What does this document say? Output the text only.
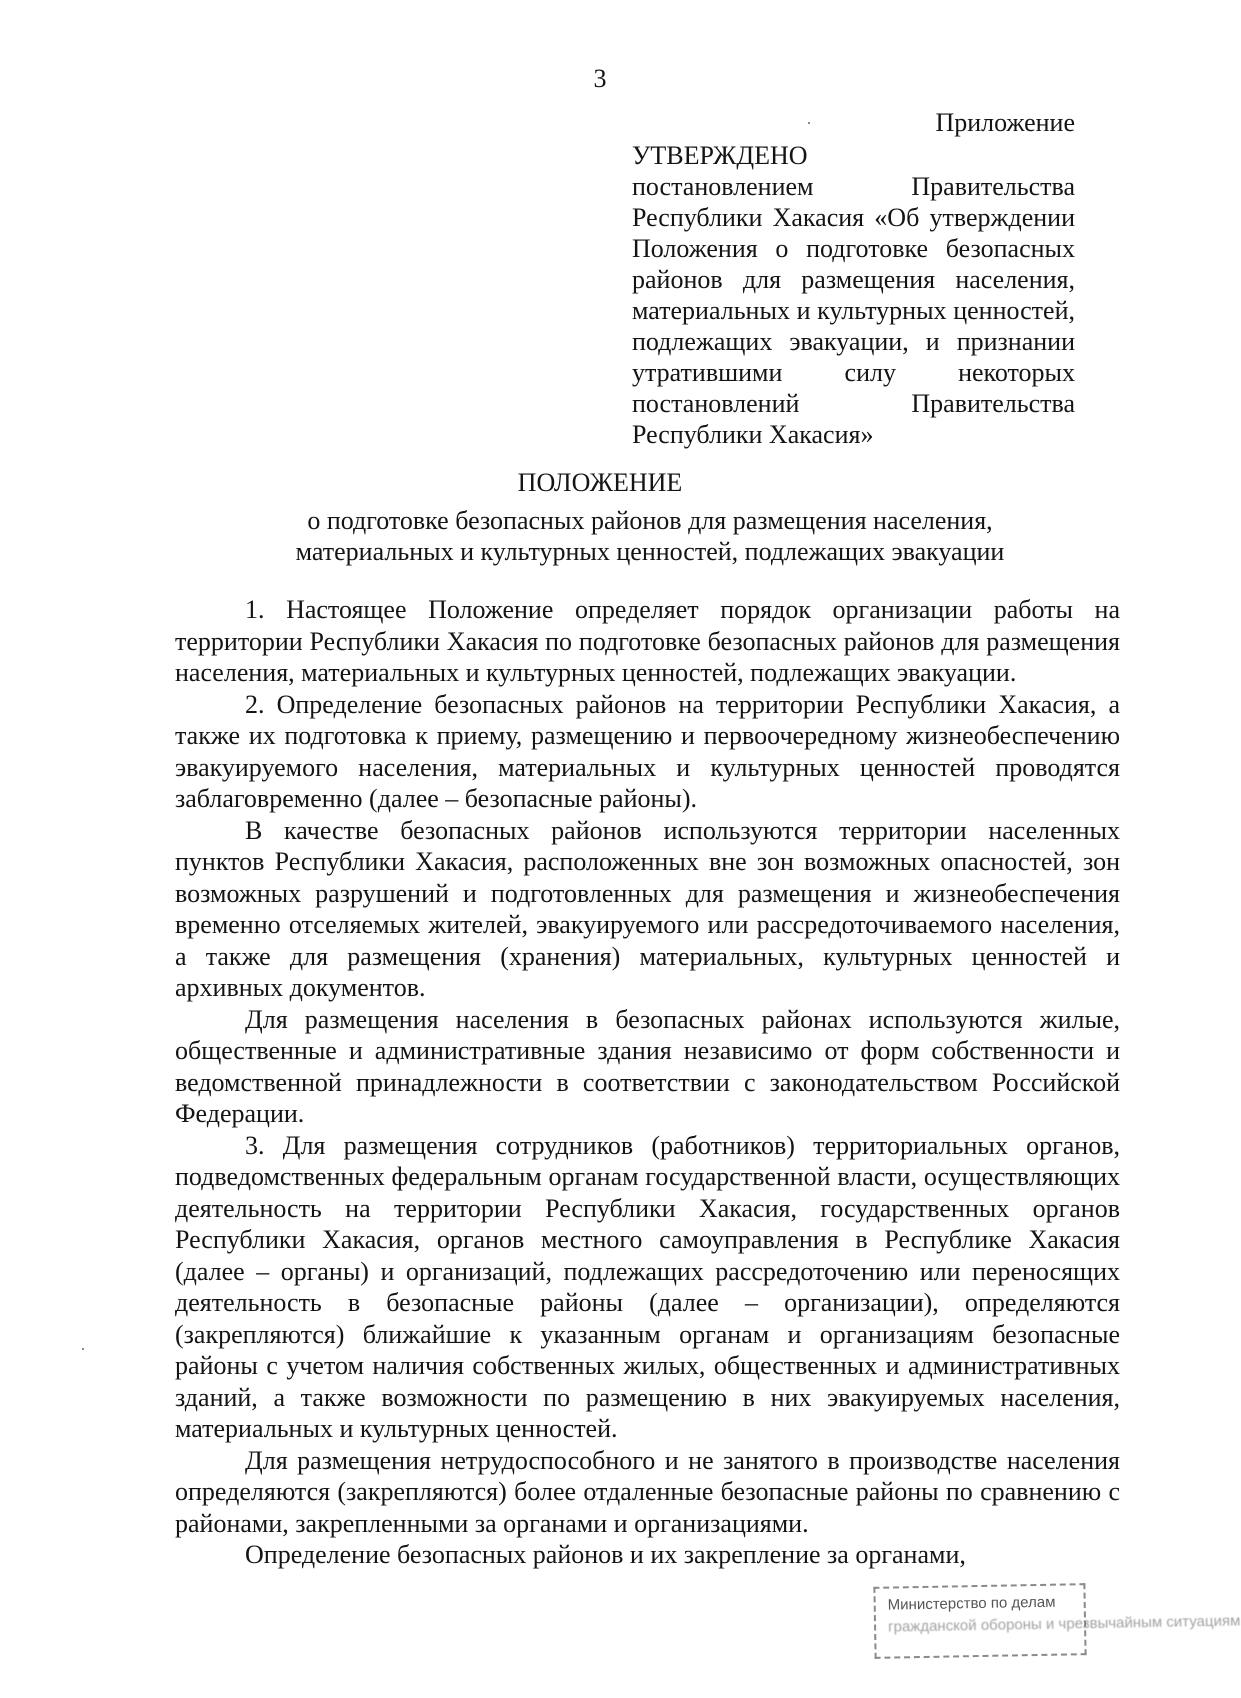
3
Приложение
УТВЕРЖДЕНО

постановлением Правительства Республики Хакасия «Об утверждении Положения о подготовке безопасных районов для размещения населения, материальных и культурных ценностей, подлежащих эвакуации, и признании утратившими силу некоторых постановлений Правительства Республики Хакасия»

ПОЛОЖЕНИЕ
о подготовке безопасных районов для размещения населения, материальных и культурных ценностей, подлежащих эвакуации

1. Настоящее Положение определяет порядок организации работы на территории Республики Хакасия по подготовке безопасных районов для размещения населения, материальных и культурных ценностей, подлежащих эвакуации.

2. Определение безопасных районов на территории Республики Хакасия, а также их подготовка к приему, размещению и первоочередному жизнеобеспечению эвакуируемого населения, материальных и культурных ценностей проводятся заблаговременно (далее – безопасные районы).

В качестве безопасных районов используются территории населенных пунктов Республики Хакасия, расположенных вне зон возможных опасностей, зон возможных разрушений и подготовленных для размещения и жизнеобеспечения временно отселяемых жителей, эвакуируемого или рассредоточиваемого населения, а также для размещения (хранения) материальных, культурных ценностей и архивных документов.

Для размещения населения в безопасных районах используются жилые, общественные и административные здания независимо от форм собственности и ведомственной принадлежности в соответствии с законодательством Российской Федерации.

3. Для размещения сотрудников (работников) территориальных органов, подведомственных федеральным органам государственной власти, осуществляющих деятельность на территории Республики Хакасия, государственных органов Республики Хакасия, органов местного самоуправления в Республике Хакасия (далее – органы) и организаций, подлежащих рассредоточению или переносящих деятельность в безопасные районы (далее – организации), определяются (закрепляются) ближайшие к указанным органам и организациям безопасные районы с учетом наличия собственных жилых, общественных и административных зданий, а также возможности по размещению в них эвакуируемых населения, материальных и культурных ценностей.

Для размещения нетрудоспособного и не занятого в производстве населения определяются (закрепляются) более отдаленные безопасные районы по сравнению с районами, закрепленными за органами и организациями.

Определение безопасных районов и их закрепление за органами,

Министерство по делам
гражданской обороны и чрезвычайным ситуациям
